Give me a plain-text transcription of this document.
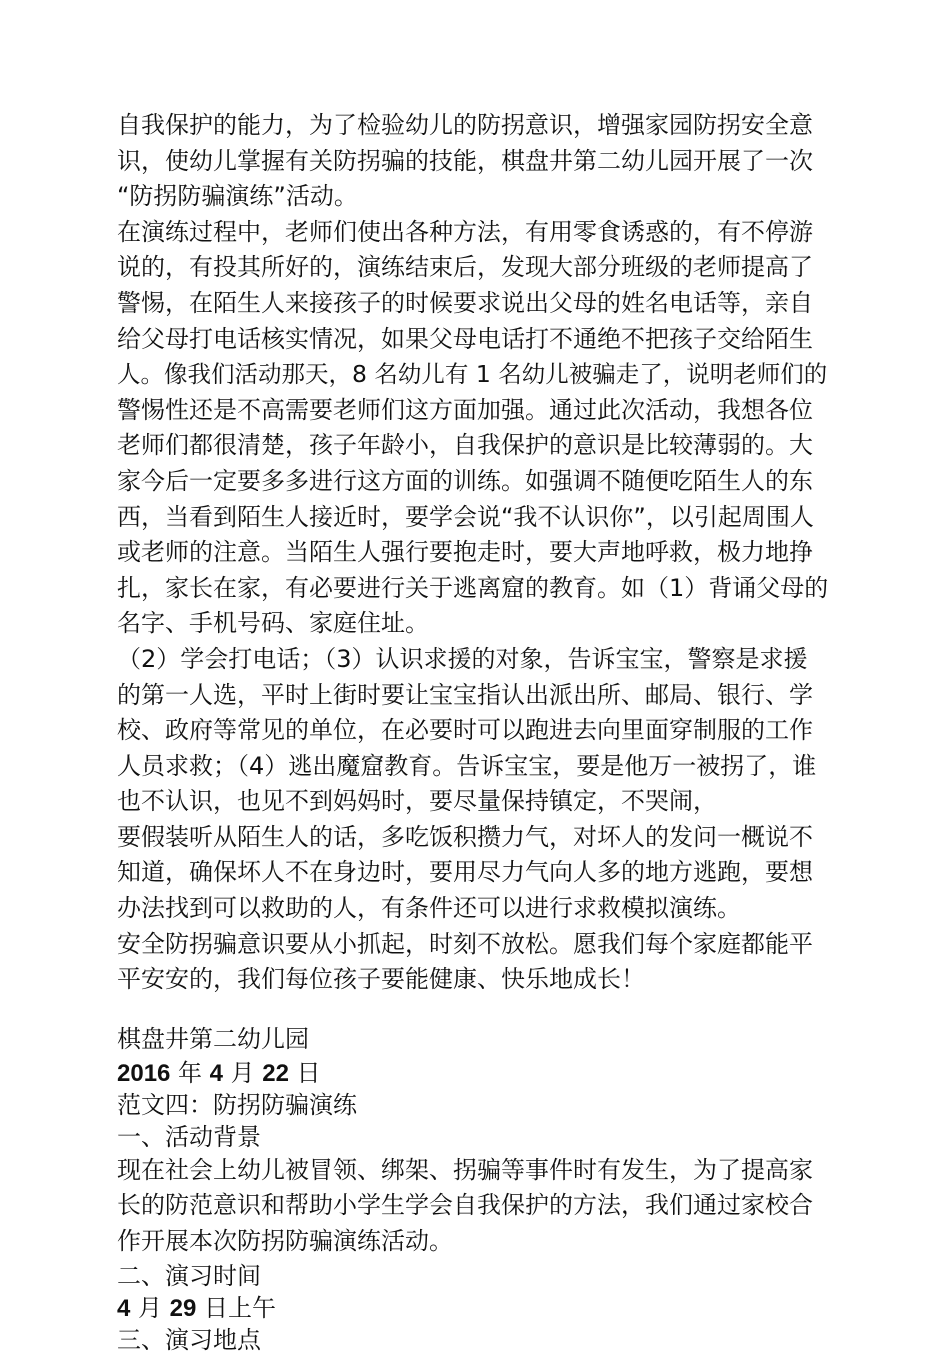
自我保护的能力，为了检验幼儿的防拐意识，增强家园防拐安全意
识，使幼儿掌握有关防拐骗的技能，棋盘井第二幼儿园开展了一次
“防拐防骗演练”活动。
在演练过程中，老师们使出各种方法，有用零食诱惑的，有不停游
说的，有投其所好的，演练结束后，发现大部分班级的老师提高了
警惕，在陌生人来接孩子的时候要求说出父母的姓名电话等，亲自
给父母打电话核实情况，如果父母电话打不通绝不把孩子交给陌生
人。像我们活动那天，8 名幼儿有 1 名幼儿被骗走了，说明老师们的
警惕性还是不高需要老师们这方面加强。通过此次活动，我想各位
老师们都很清楚，孩子年龄小，自我保护的意识是比较薄弱的。大
家今后一定要多多进行这方面的训练。如强调不随便吃陌生人的东
西，当看到陌生人接近时，要学会说“我不认识你”，以引起周围人
或老师的注意。当陌生人强行要抱走时，要大声地呼救，极力地挣
扎，家长在家，有必要进行关于逃离窟的教育。如（1）背诵父母的
名字、手机号码、家庭住址。
（2）学会打电话；（3）认识求援的对象，告诉宝宝，警察是求援
的第一人选，平时上街时要让宝宝指认出派出所、邮局、银行、学
校、政府等常见的单位，在必要时可以跑进去向里面穿制服的工作
人员求救；（4）逃出魔窟教育。告诉宝宝，要是他万一被拐了，谁
也不认识，也见不到妈妈时，要尽量保持镇定，不哭闹，
要假装听从陌生人的话，多吃饭积攒力气，对坏人的发问一概说不
知道，确保坏人不在身边时，要用尽力气向人多的地方逃跑，要想
办法找到可以救助的人，有条件还可以进行求救模拟演练。
安全防拐骗意识要从小抓起，时刻不放松。愿我们每个家庭都能平
平安安的，我们每位孩子要能健康、快乐地成长！
棋盘井第二幼儿园
2016 年 4 月 22 日
范文四：防拐防骗演练
一、活动背景
现在社会上幼儿被冒领、绑架、拐骗等事件时有发生，为了提高家
长的防范意识和帮助小学生学会自我保护的方法，我们通过家校合
作开展本次防拐防骗演练活动。
二、演习时间
4 月 29 日上午
三、演习地点
